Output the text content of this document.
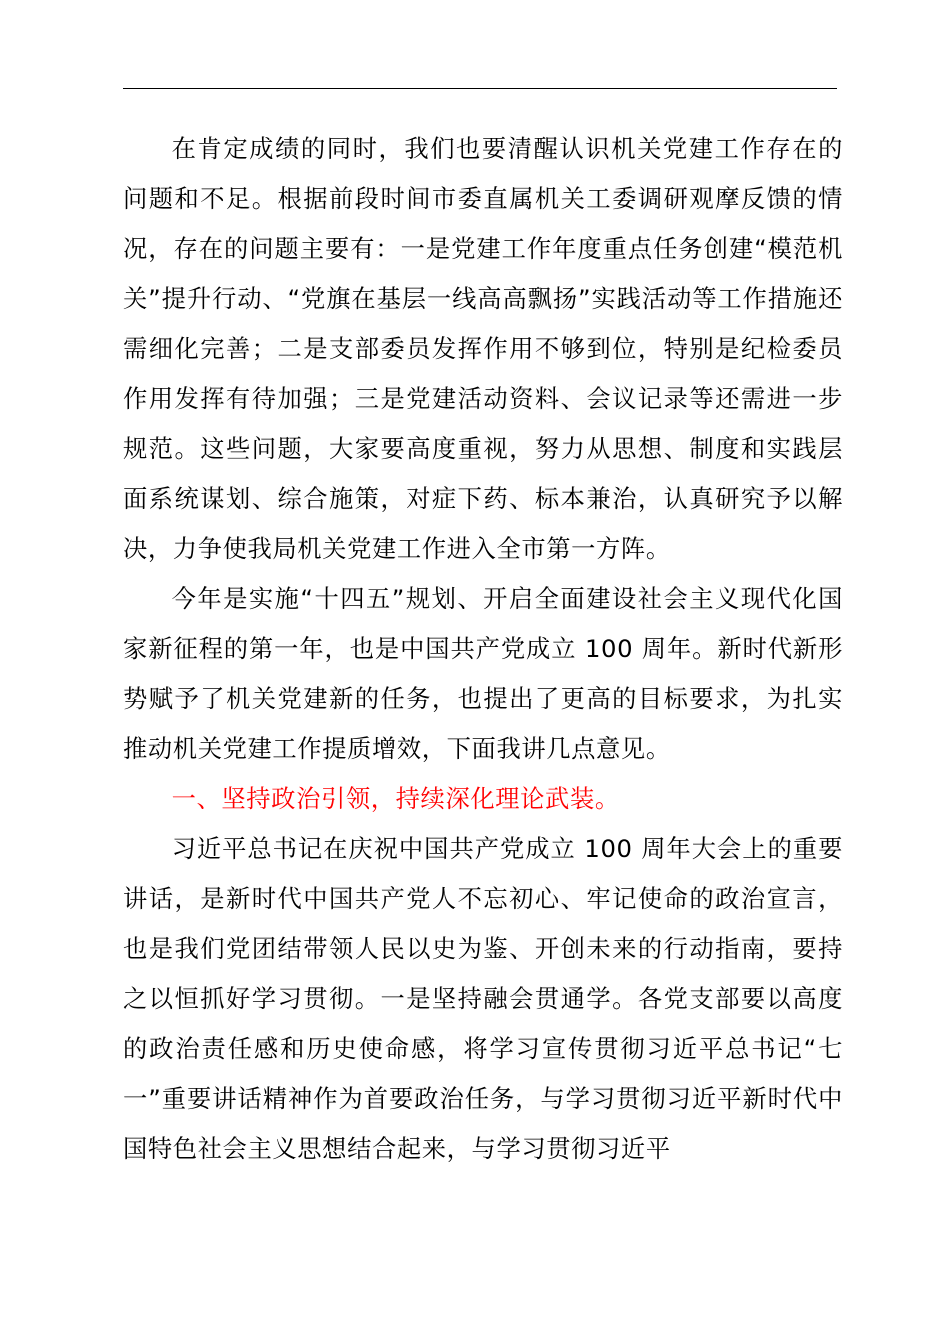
在肯定成绩的同时，我们也要清醒认识机关党建工作存在的问题和不足。根据前段时间市委直属机关工委调研观摩反馈的情况，存在的问题主要有：一是党建工作年度重点任务创建“模范机关”提升行动、“党旗在基层一线高高飘扬”实践活动等工作措施还需细化完善；二是支部委员发挥作用不够到位，特别是纪检委员作用发挥有待加强；三是党建活动资料、会议记录等还需进一步规范。这些问题，大家要高度重视，努力从思想、制度和实践层面系统谋划、综合施策，对症下药、标本兼治，认真研究予以解决，力争使我局机关党建工作进入全市第一方阵。

今年是实施“十四五”规划、开启全面建设社会主义现代化国家新征程的第一年，也是中国共产党成立 100 周年。新时代新形势赋予了机关党建新的任务，也提出了更高的目标要求，为扎实推动机关党建工作提质增效，下面我讲几点意见。

一、坚持政治引领，持续深化理论武装。

习近平总书记在庆祝中国共产党成立 100 周年大会上的重要讲话，是新时代中国共产党人不忘初心、牢记使命的政治宣言，也是我们党团结带领人民以史为鉴、开创未来的行动指南，要持之以恒抓好学习贯彻。一是坚持融会贯通学。各党支部要以高度的政治责任感和历史使命感，将学习宣传贯彻习近平总书记“七一”重要讲话精神作为首要政治任务，与学习贯彻习近平新时代中国特色社会主义思想结合起来，与学习贯彻习近平
